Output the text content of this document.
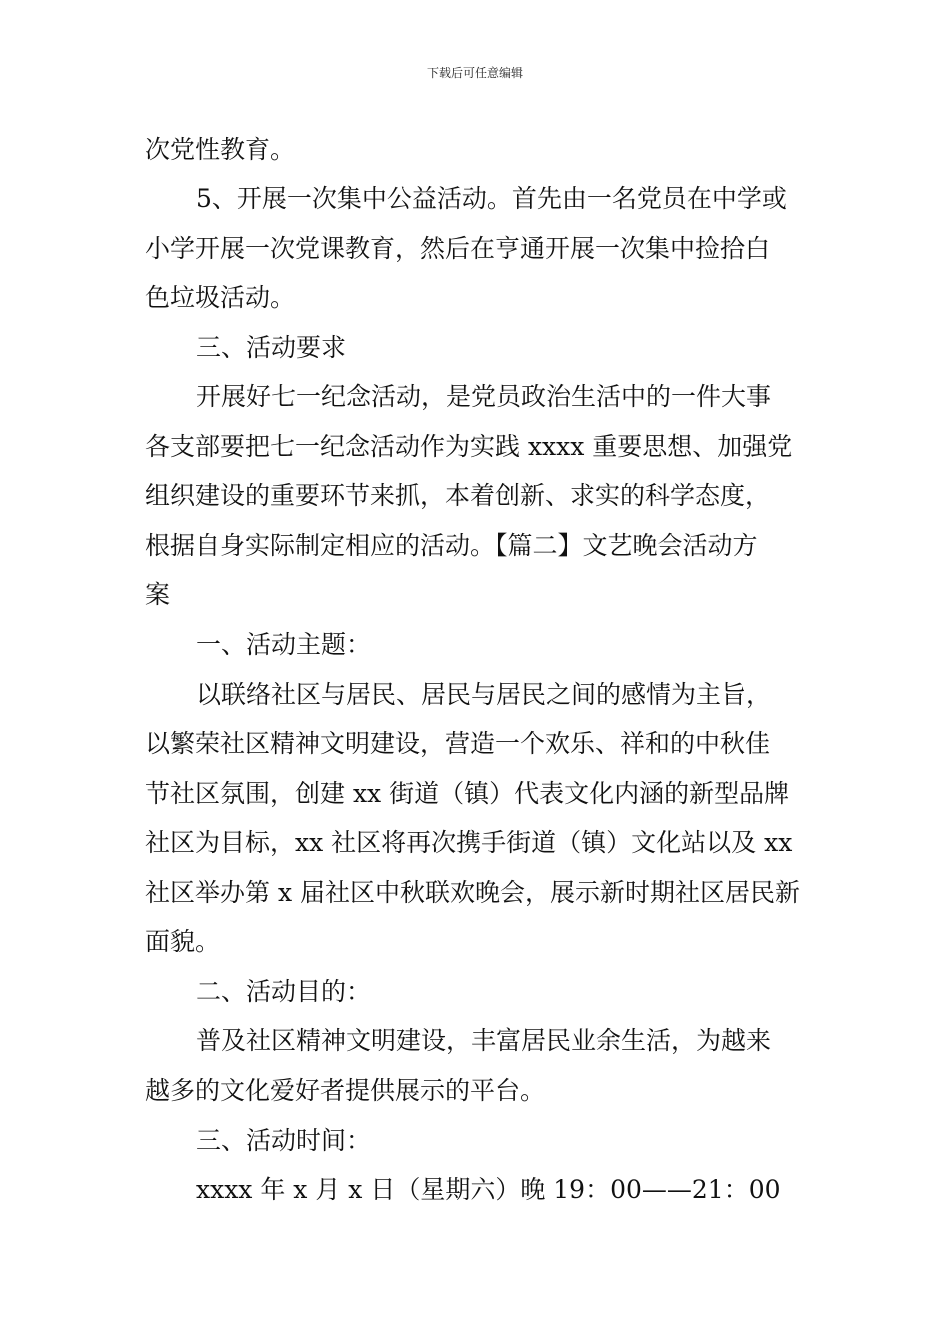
下载后可任意编辑
次党性教育。
5、开展一次集中公益活动。首先由一名党员在中学或
小学开展一次党课教育，然后在亨通开展一次集中捡拾白
色垃圾活动。
三、活动要求
开展好七一纪念活动，是党员政治生活中的一件大事
各支部要把七一纪念活动作为实践 xxxx 重要思想、加强党
组织建设的重要环节来抓，本着创新、求实的科学态度，
根据自身实际制定相应的活动。【篇二】文艺晚会活动方
案
一、活动主题：
以联络社区与居民、居民与居民之间的感情为主旨，
以繁荣社区精神文明建设，营造一个欢乐、祥和的中秋佳
节社区氛围，创建 xx 街道（镇）代表文化内涵的新型品牌
社区为目标，xx 社区将再次携手街道（镇）文化站以及 xx
社区举办第 x 届社区中秋联欢晚会，展示新时期社区居民新
面貌。
二、活动目的：
普及社区精神文明建设，丰富居民业余生活，为越来
越多的文化爱好者提供展示的平台。
三、活动时间：
xxxx 年 x 月 x 日（星期六）晚 19：00——21：00
